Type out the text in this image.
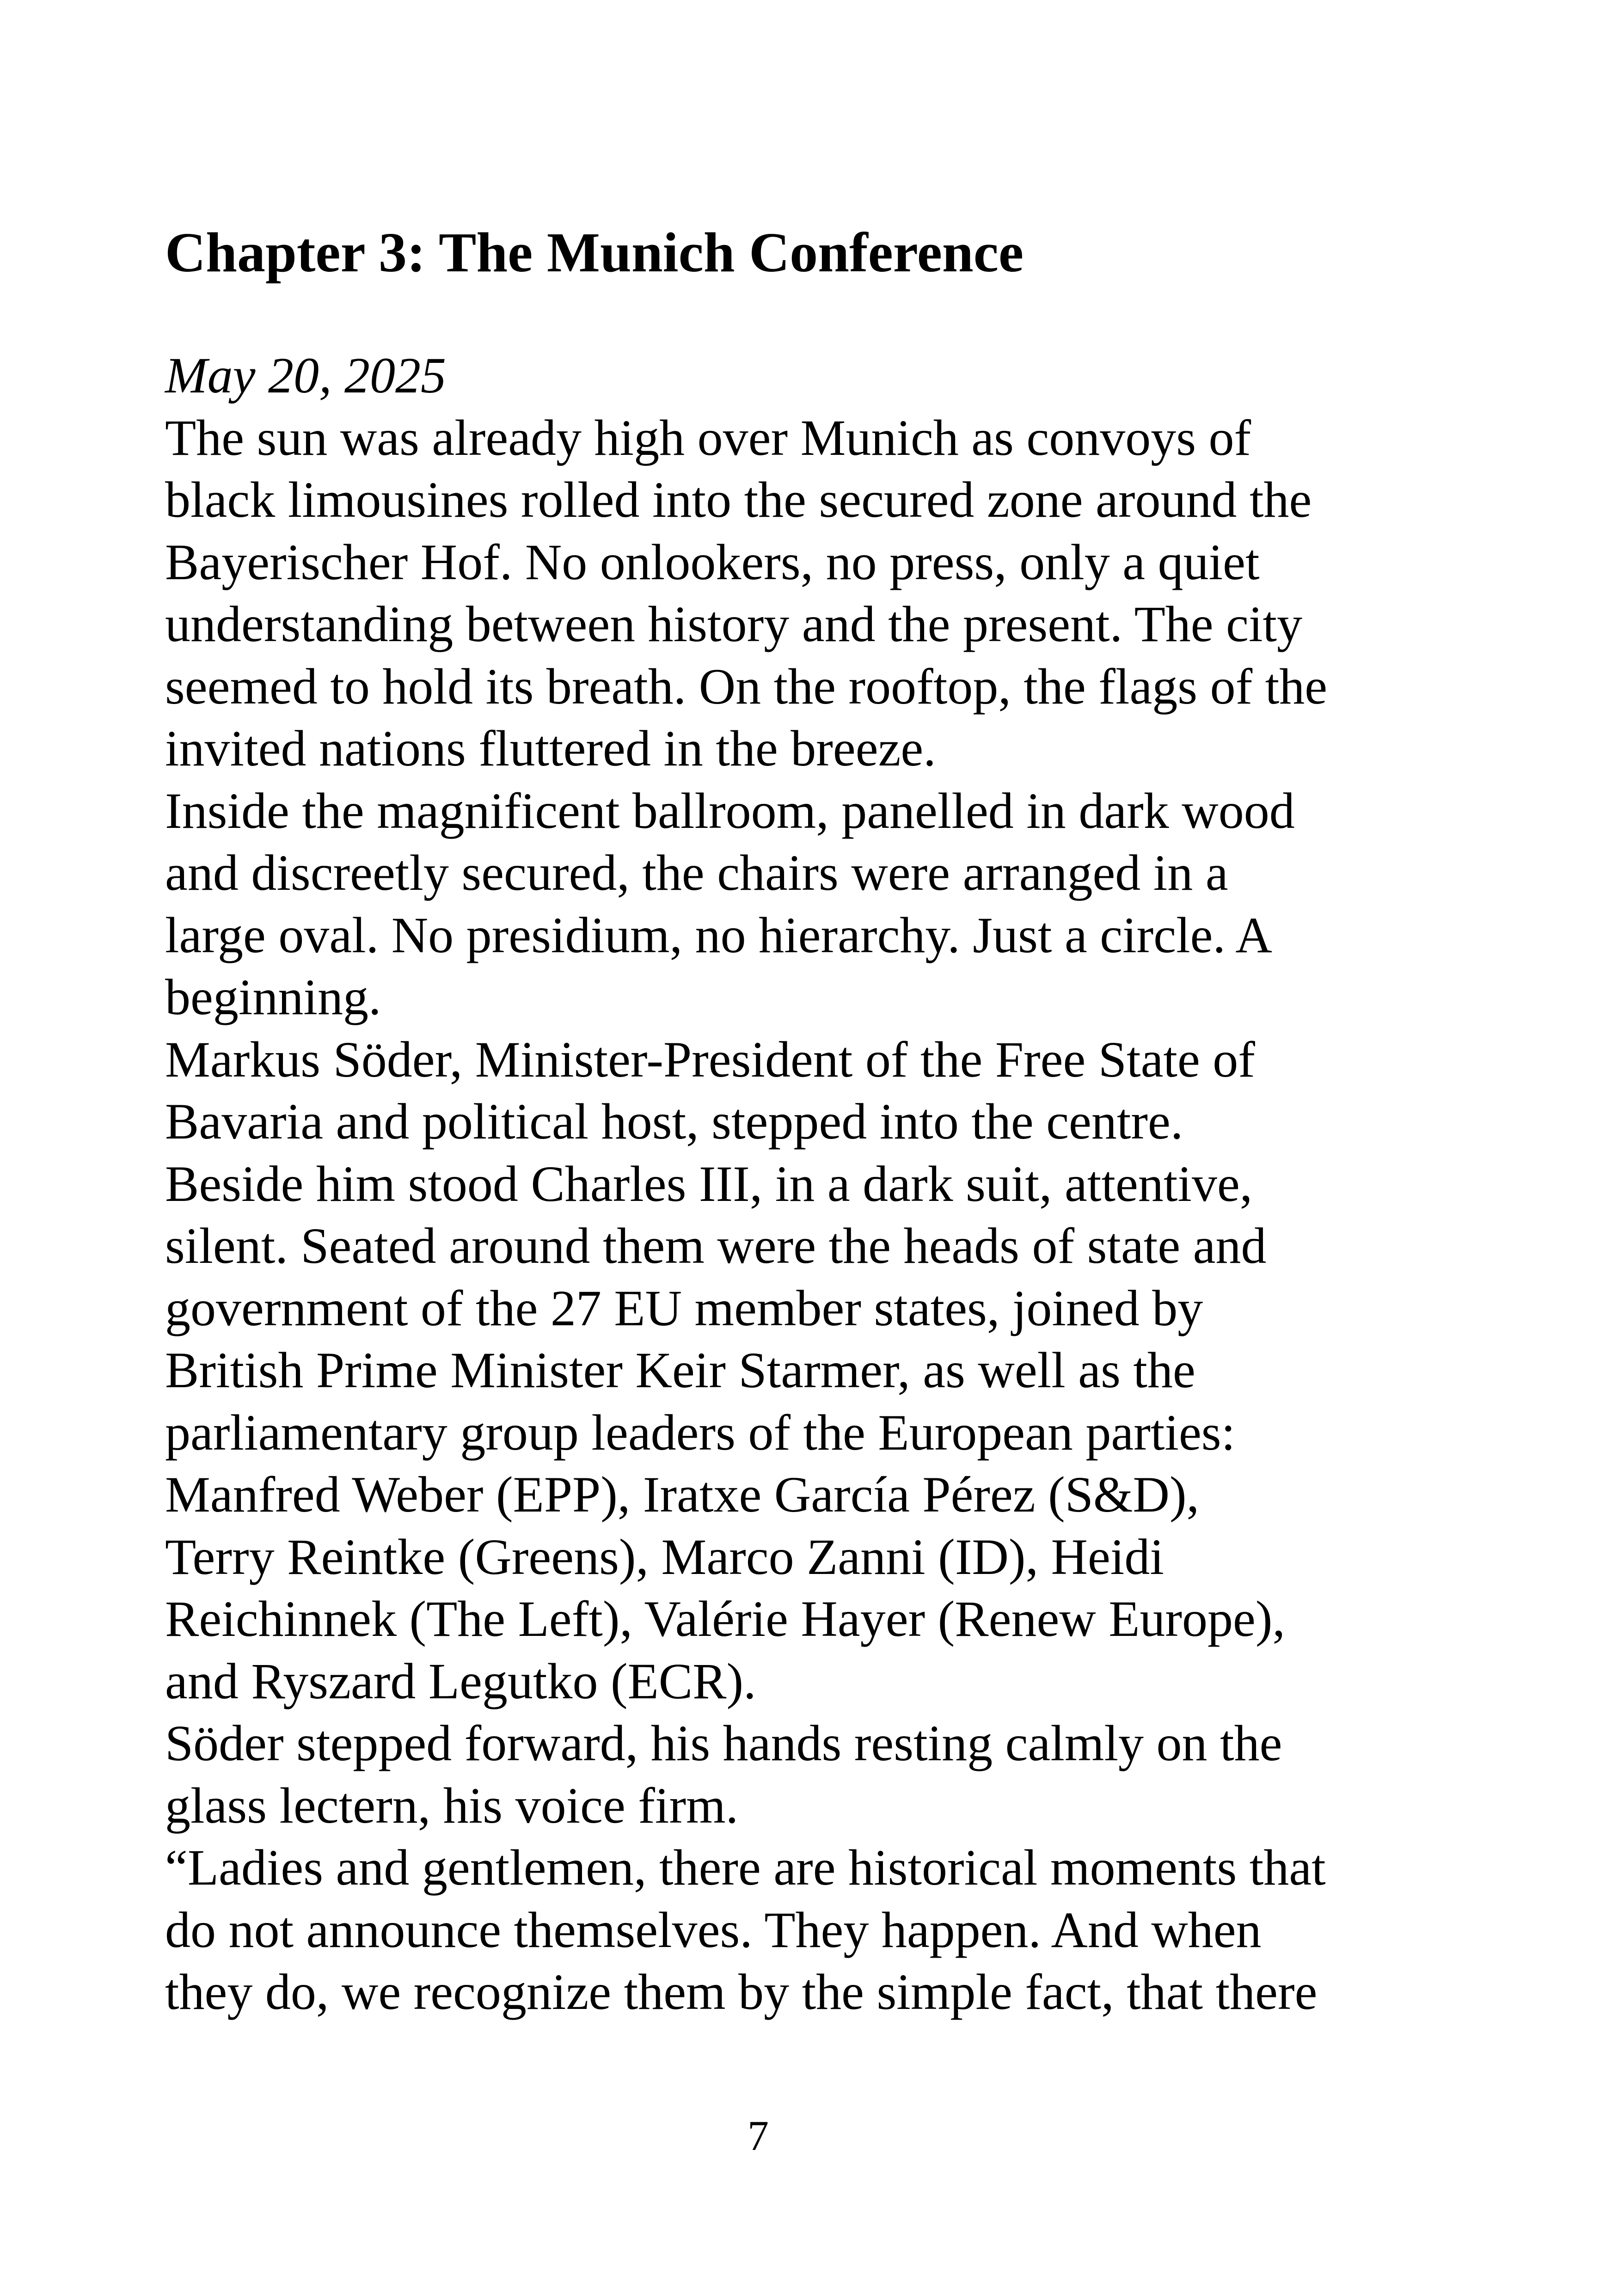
Chapter 3: The Munich Conference
May 20, 2025
The sun was already high over Munich as convoys of
black limousines rolled into the secured zone around the
Bayerischer Hof. No onlookers, no press, only a quiet
understanding between history and the present. The city
seemed to hold its breath. On the rooftop, the flags of the
invited nations fluttered in the breeze.
Inside the magnificent ballroom, panelled in dark wood
and discreetly secured, the chairs were arranged in a
large oval. No presidium, no hierarchy. Just a circle. A
beginning.
Markus Söder, Minister-President of the Free State of
Bavaria and political host, stepped into the centre.
Beside him stood Charles III, in a dark suit, attentive,
silent. Seated around them were the heads of state and
government of the 27 EU member states, joined by
British Prime Minister Keir Starmer, as well as the
parliamentary group leaders of the European parties:
Manfred Weber (EPP), Iratxe García Pérez (S&D),
Terry Reintke (Greens), Marco Zanni (ID), Heidi
Reichinnek (The Left), Valérie Hayer (Renew Europe),
and Ryszard Legutko (ECR).
Söder stepped forward, his hands resting calmly on the
glass lectern, his voice firm.
“Ladies and gentlemen, there are historical moments that
do not announce themselves. They happen. And when
they do, we recognize them by the simple fact, that there
7
